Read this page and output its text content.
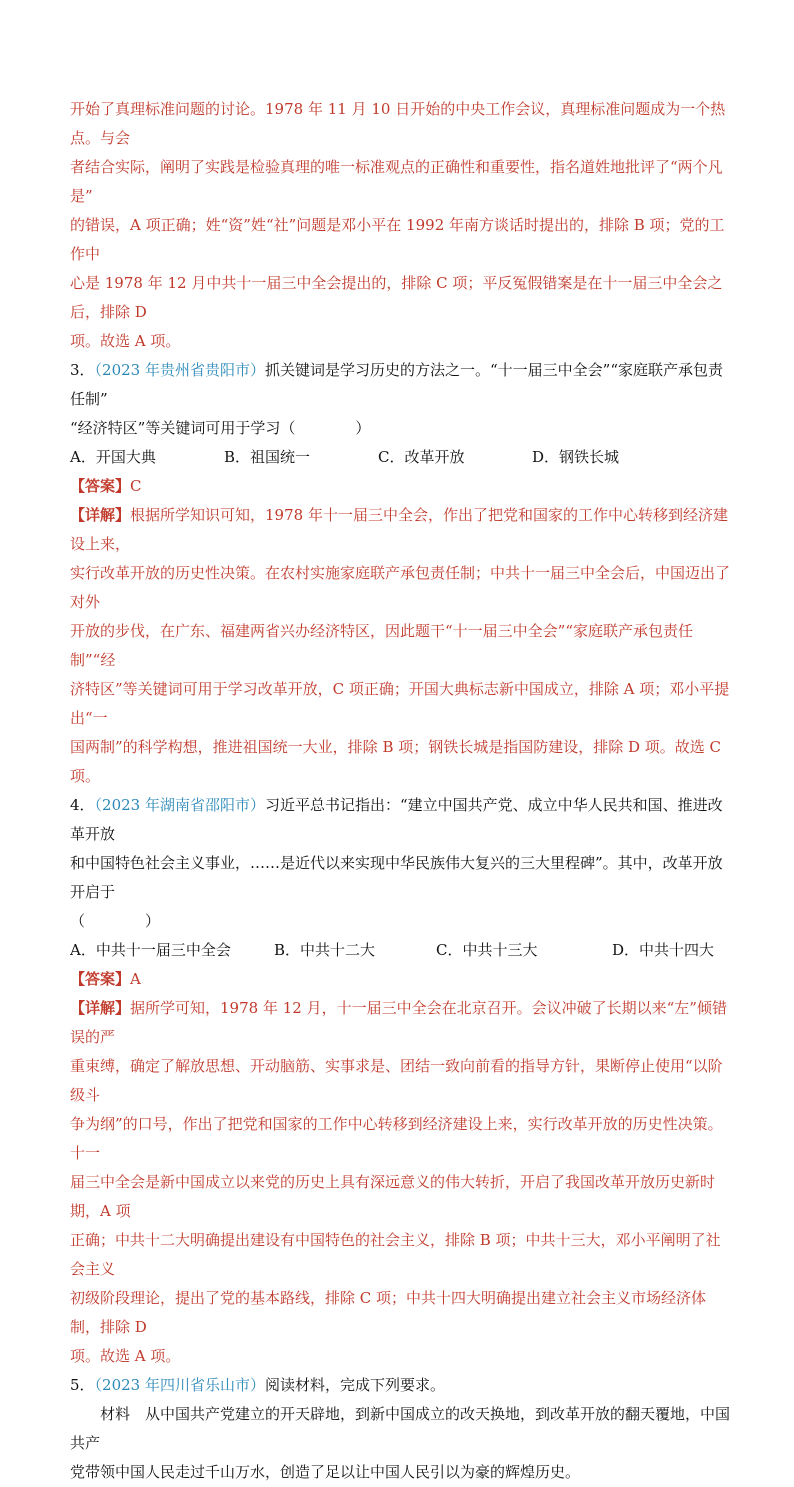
开始了真理标准问题的讨论。1978 年 11 月 10 日开始的中央工作会议，真理标准问题成为一个热点。与会

者结合实际，阐明了实践是检验真理的唯一标准观点的正确性和重要性，指名道姓地批评了“两个凡是”

的错误，A 项正确；姓“资”姓“社”问题是邓小平在 1992 年南方谈话时提出的，排除 B 项；党的工作中

心是 1978 年 12 月中共十一届三中全会提出的，排除 C 项；平反冤假错案是在十一届三中全会之后，排除 D

项。故选 A 项。

3．（2023 年贵州省贵阳市）抓关键词是学习历史的方法之一。“十一届三中全会”“家庭联产承包责任制”

“经济特区”等关键词可用于学习（　　　　）

A．开国大典	B．祖国统一	C．改革开放	D．钢铁长城

【答案】C

【详解】根据所学知识可知，1978 年十一届三中全会，作出了把党和国家的工作中心转移到经济建设上来，

实行改革开放的历史性决策。在农村实施家庭联产承包责任制；中共十一届三中全会后，中国迈出了对外

开放的步伐，在广东、福建两省兴办经济特区，因此题干“十一届三中全会”“家庭联产承包责任制”“经

济特区”等关键词可用于学习改革开放，C 项正确；开国大典标志新中国成立，排除 A 项；邓小平提出“一

国两制”的科学构想，推进祖国统一大业，排除 B 项；钢铁长城是指国防建设，排除 D 项。故选 C 项。

4．（2023 年湖南省邵阳市）习近平总书记指出：“建立中国共产党、成立中华人民共和国、推进改革开放

和中国特色社会主义事业，……是近代以来实现中华民族伟大复兴的三大里程碑”。其中，改革开放开启于

（　　　　）

A．中共十一届三中全会	B．中共十二大	C．中共十三大	D．中共十四大

【答案】A

【详解】据所学可知，1978 年 12 月，十一届三中全会在北京召开。会议冲破了长期以来“左”倾错误的严

重束缚，确定了解放思想、开动脑筋、实事求是、团结一致向前看的指导方针，果断停止使用“以阶级斗

争为纲”的口号，作出了把党和国家的工作中心转移到经济建设上来，实行改革开放的历史性决策。十一

届三中全会是新中国成立以来党的历史上具有深远意义的伟大转折，开启了我国改革开放历史新时期，A 项

正确；中共十二大明确提出建设有中国特色的社会主义，排除 B 项；中共十三大，邓小平阐明了社会主义

初级阶段理论，提出了党的基本路线，排除 C 项；中共十四大明确提出建立社会主义市场经济体制，排除 D

项。故选 A 项。

5．（2023 年四川省乐山市）阅读材料，完成下列要求。

材料　从中国共产党建立的开天辟地，到新中国成立的改天换地，到改革开放的翻天覆地，中国共产

党带领中国人民走过千山万水，创造了足以让中国人民引以为豪的辉煌历史。
